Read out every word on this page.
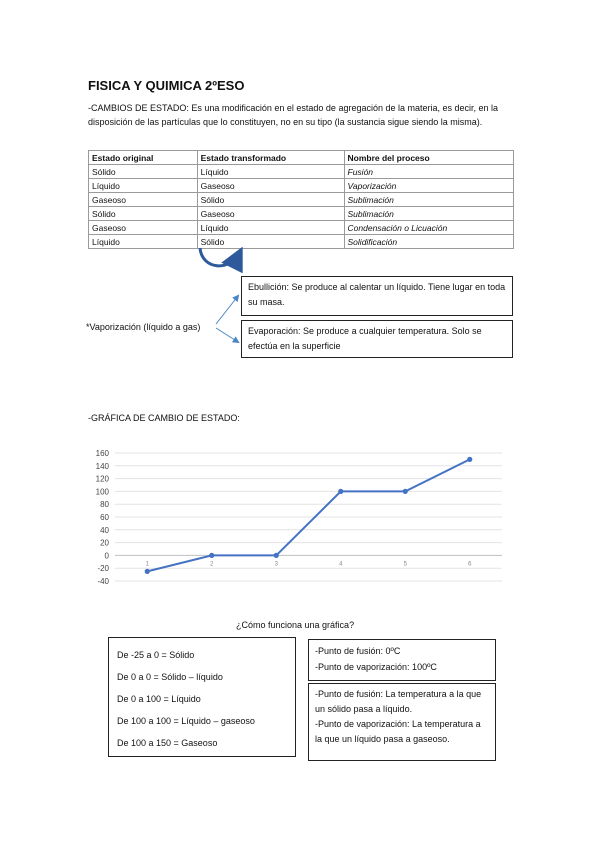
FISICA Y QUIMICA 2ºESO
-CAMBIOS DE ESTADO: Es una modificación en el estado de agregación de la materia, es decir, en la disposición de las partículas que lo constituyen, no en su tipo (la sustancia sigue siendo la misma).
Estado original	Estado transformado	Nombre del proceso
Sólido	Líquido	Fusión
Líquido	Gaseoso	Vaporización
Gaseoso	Sólido	Sublimación
Sólido	Gaseoso	Sublimación
Gaseoso	Líquido	Condensación o Licuación
Líquido	Sólido	Solidificación
*Vaporización (líquido a gas)
Ebullición: Se produce al calentar un líquido. Tiene lugar en toda su masa.
Evaporación: Se produce a cualquier temperatura. Solo se efectúa en la superficie
-GRÁFICA DE CAMBIO DE ESTADO:
-40
-20
0
20
40
60
80
100
120
140
160
1	2	3	4	5	6
¿Cómo funciona una gráfica?
De -25 a 0 = Sólido
De 0 a 0 = Sólido – líquido
De 0 a 100 = Líquido
De 100 a 100 = Líquido – gaseoso
De 100 a 150 = Gaseoso
-Punto de fusión: 0ºC
-Punto de vaporización: 100ºC
-Punto de fusión: La temperatura a la que un sólido pasa a líquido.
-Punto de vaporización: La temperatura a la que un líquido pasa a gaseoso.
